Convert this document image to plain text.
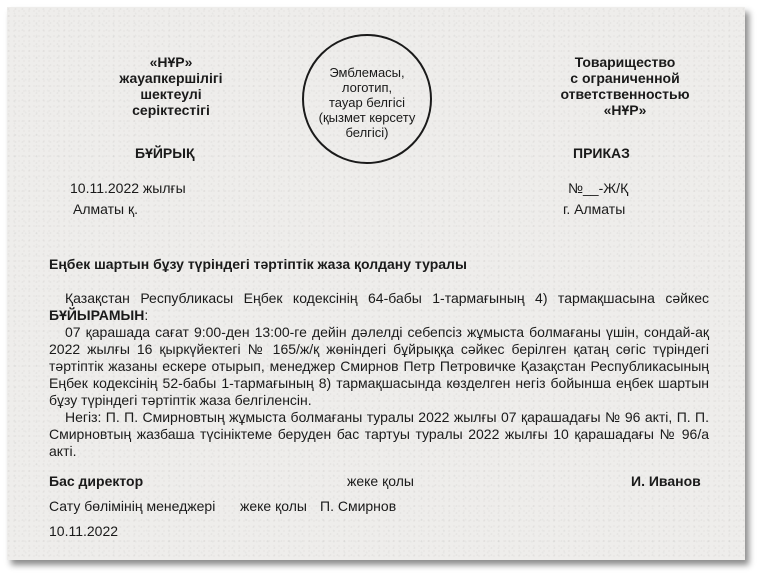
«НҰР»
жауапкершілігі
шектеулі
серіктестігі
Эмблемасы,
логотип,
тауар белгісі
(қызмет көрсету
белгісі)
Товарищество
с ограниченной
ответственностью
«НҰР»
БҰЙРЫҚ	ПРИКАЗ
10.11.2022 жылғы
Алматы қ.
№__-Ж/Қ
г. Алматы
Еңбек шартын бұзу түріндегі тәртіптік жаза қолдану туралы
Қазақстан Республикасы Еңбек кодексінің 64-бабы 1-тармағының 4) тармақшасына сәйкес
БҰЙЫРАМЫН:
07 қарашада сағат 9:00-ден 13:00-ге дейін дәлелді себепсіз жұмыста болмағаны үшін, сондай-ақ 2022 жылғы 16 қыркүйектегі № 165/ж/қ жөніндегі бұйрыққа сәйкес берілген қатаң сөгіс түріндегі тәртіптік жазаны ескере отырып, менеджер Смирнов Петр Петровичке Қазақстан Республикасының Еңбек кодексінің 52-бабы 1-тармағының 8) тармақшасында көзделген негіз бойынша еңбек шартын бұзу түріндегі тәртіптік жаза белгіленсін.
Негіз: П. П. Смирновтың жұмыста болмағаны туралы 2022 жылғы 07 қарашадағы № 96 акті, П. П. Смирновтың жазбаша түсініктеме беруден бас тартуы туралы 2022 жылғы 10 қарашадағы № 96/а акті.
Бас директор	жеке қолы	И. Иванов
Сату бөлімінің менеджері жеке қолы П. Смирнов
10.11.2022
